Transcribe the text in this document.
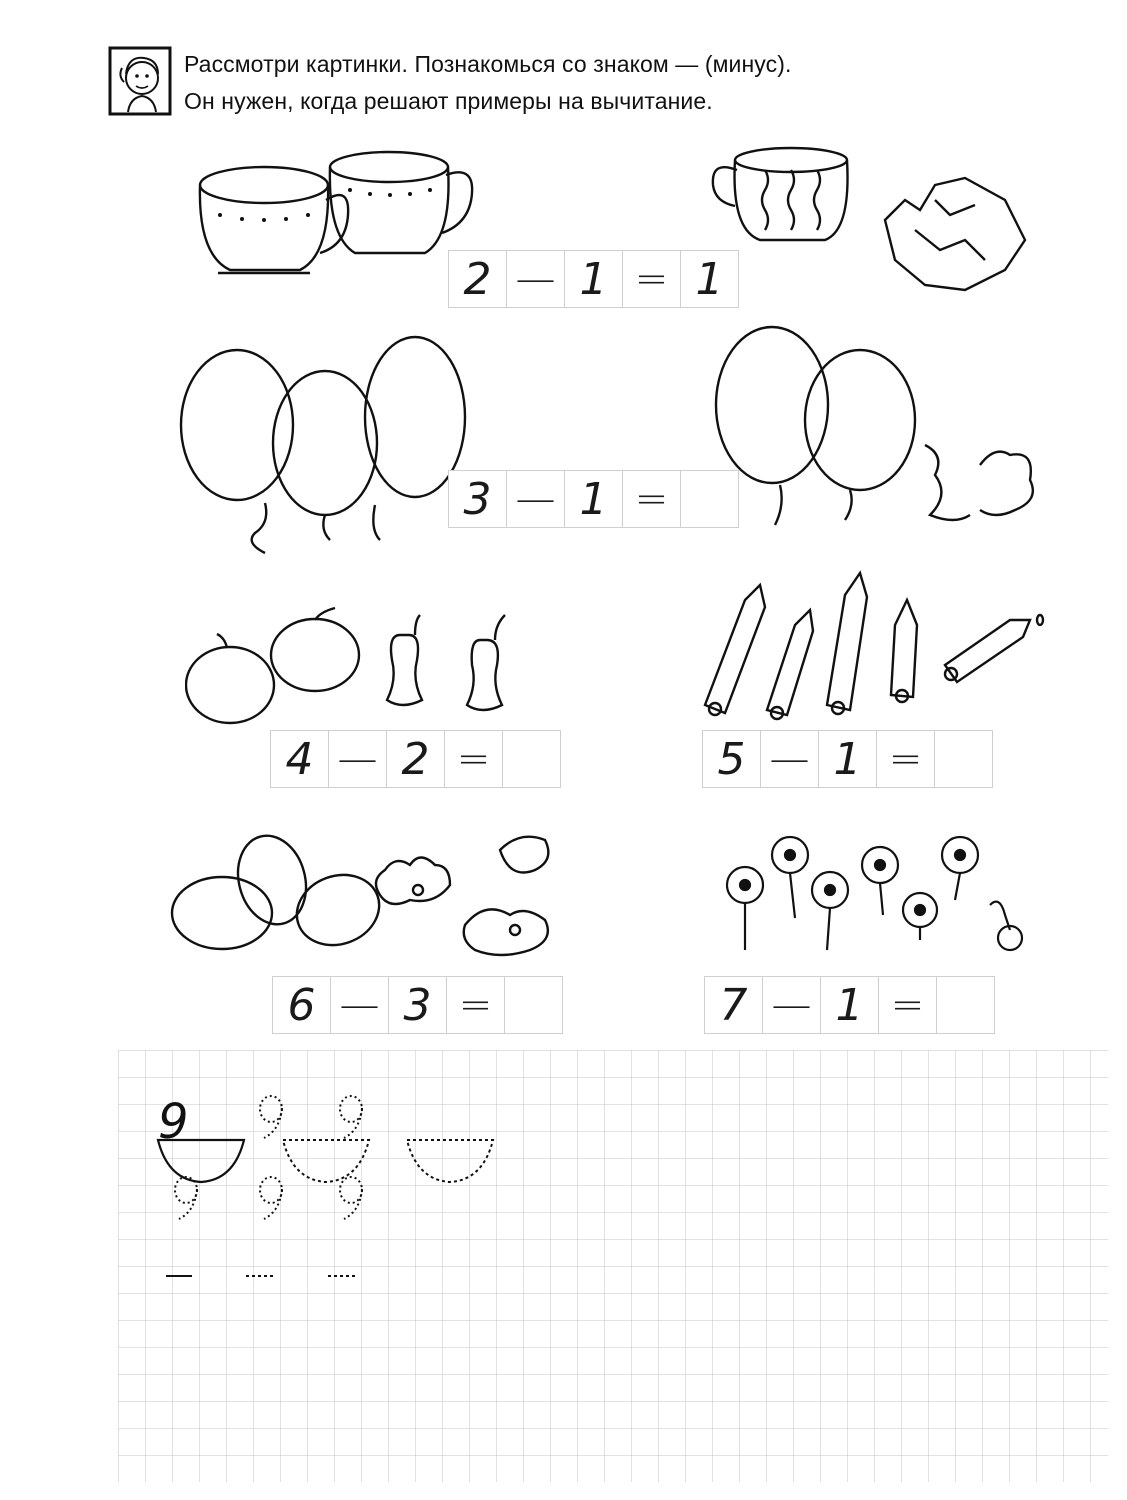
Рассмотри картинки. Познакомься со знаком — (минус).
Он нужен, когда решают примеры на вычитание.
2 — 1 = 1
3 — 1 =
4 — 2 =	5 — 1 =
6 — 3 =	7 — 1 =
9
